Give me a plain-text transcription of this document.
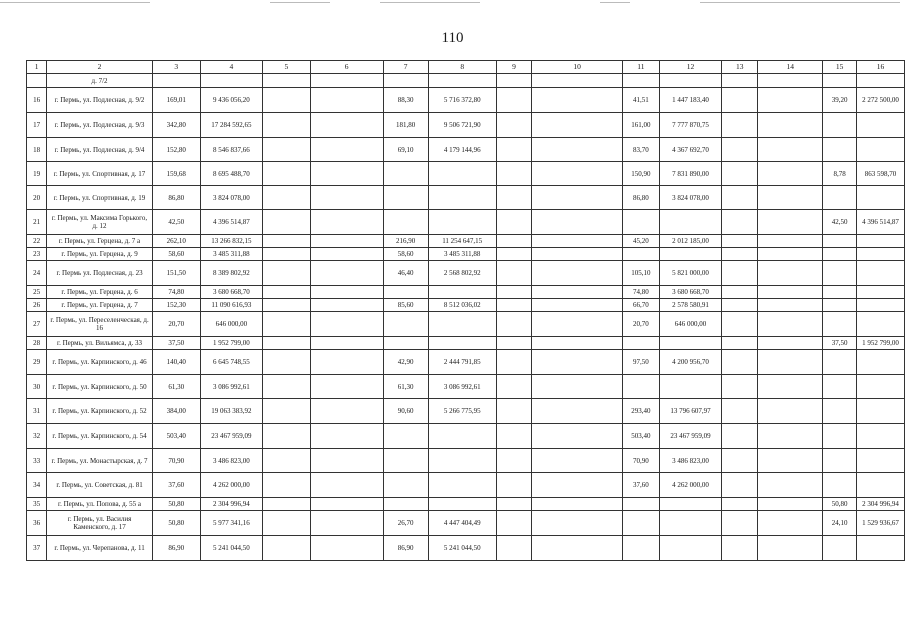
110
1	2	3	4	5	6	7	8	9	10	11	12	13	14	15	16
	д. 7/2														
16	г. Пермь, ул. Подлесная, д. 9/2	169,01	9 436 056,20			88,30	5 716 372,80			41,51	1 447 183,40			39,20	2 272 500,00
17	г. Пермь, ул. Подлесная, д. 9/3	342,80	17 284 592,65			181,80	9 506 721,90			161,00	7 777 870,75				
18	г. Пермь, ул. Подлесная, д. 9/4	152,80	8 546 837,66			69,10	4 179 144,96			83,70	4 367 692,70				
19	г. Пермь, ул. Спортивная, д. 17	159,68	8 695 488,70							150,90	7 831 890,00			8,78	863 598,70
20	г. Пермь, ул. Спортивная, д. 19	86,80	3 824 078,00							86,80	3 824 078,00				
21	г. Пермь, ул. Максима Горького, д. 12	42,50	4 396 514,87											42,50	4 396 514,87
22	г. Пермь, ул. Герцена, д. 7 а	262,10	13 266 832,15			216,90	11 254 647,15			45,20	2 012 185,00				
23	г. Пермь, ул. Герцена, д. 9	58,60	3 485 311,88			58,60	3 485 311,88								
24	г. Пермь ул. Подлесная, д. 23	151,50	8 389 802,92			46,40	2 568 802,92			105,10	5 821 000,00				
25	г. Пермь, ул. Герцена, д. 6	74,80	3 680 668,70							74,80	3 680 668,70				
26	г. Пермь, ул. Герцена, д. 7	152,30	11 090 616,93			85,60	8 512 036,02			66,70	2 578 580,91				
27	г. Пермь, ул. Переселенческая, д. 16	20,70	646 000,00							20,70	646 000,00				
28	г. Пермь, ул. Вильямса, д. 33	37,50	1 952 799,00											37,50	1 952 799,00
29	г. Пермь, ул. Карпинского, д. 46	140,40	6 645 748,55			42,90	2 444 791,85			97,50	4 200 956,70				
30	г. Пермь, ул. Карпинского, д. 50	61,30	3 086 992,61			61,30	3 086 992,61								
31	г. Пермь, ул. Карпинского, д. 52	384,00	19 063 383,92			90,60	5 266 775,95			293,40	13 796 607,97				
32	г. Пермь, ул. Карпинского, д. 54	503,40	23 467 959,09							503,40	23 467 959,09				
33	г. Пермь, ул. Монастырская, д. 7	70,90	3 486 823,00							70,90	3 486 823,00				
34	г. Пермь, ул. Советская, д. 81	37,60	4 262 000,00							37,60	4 262 000,00				
35	г. Пермь, ул. Попова, д. 55 а	50,80	2 304 996,94											50,80	2 304 996,94
36	г. Пермь, ул. Василия Каменского, д. 17	50,80	5 977 341,16			26,70	4 447 404,49							24,10	1 529 936,67
37	г. Пермь, ул. Черепанова, д. 11	86,90	5 241 044,50			86,90	5 241 044,50								
